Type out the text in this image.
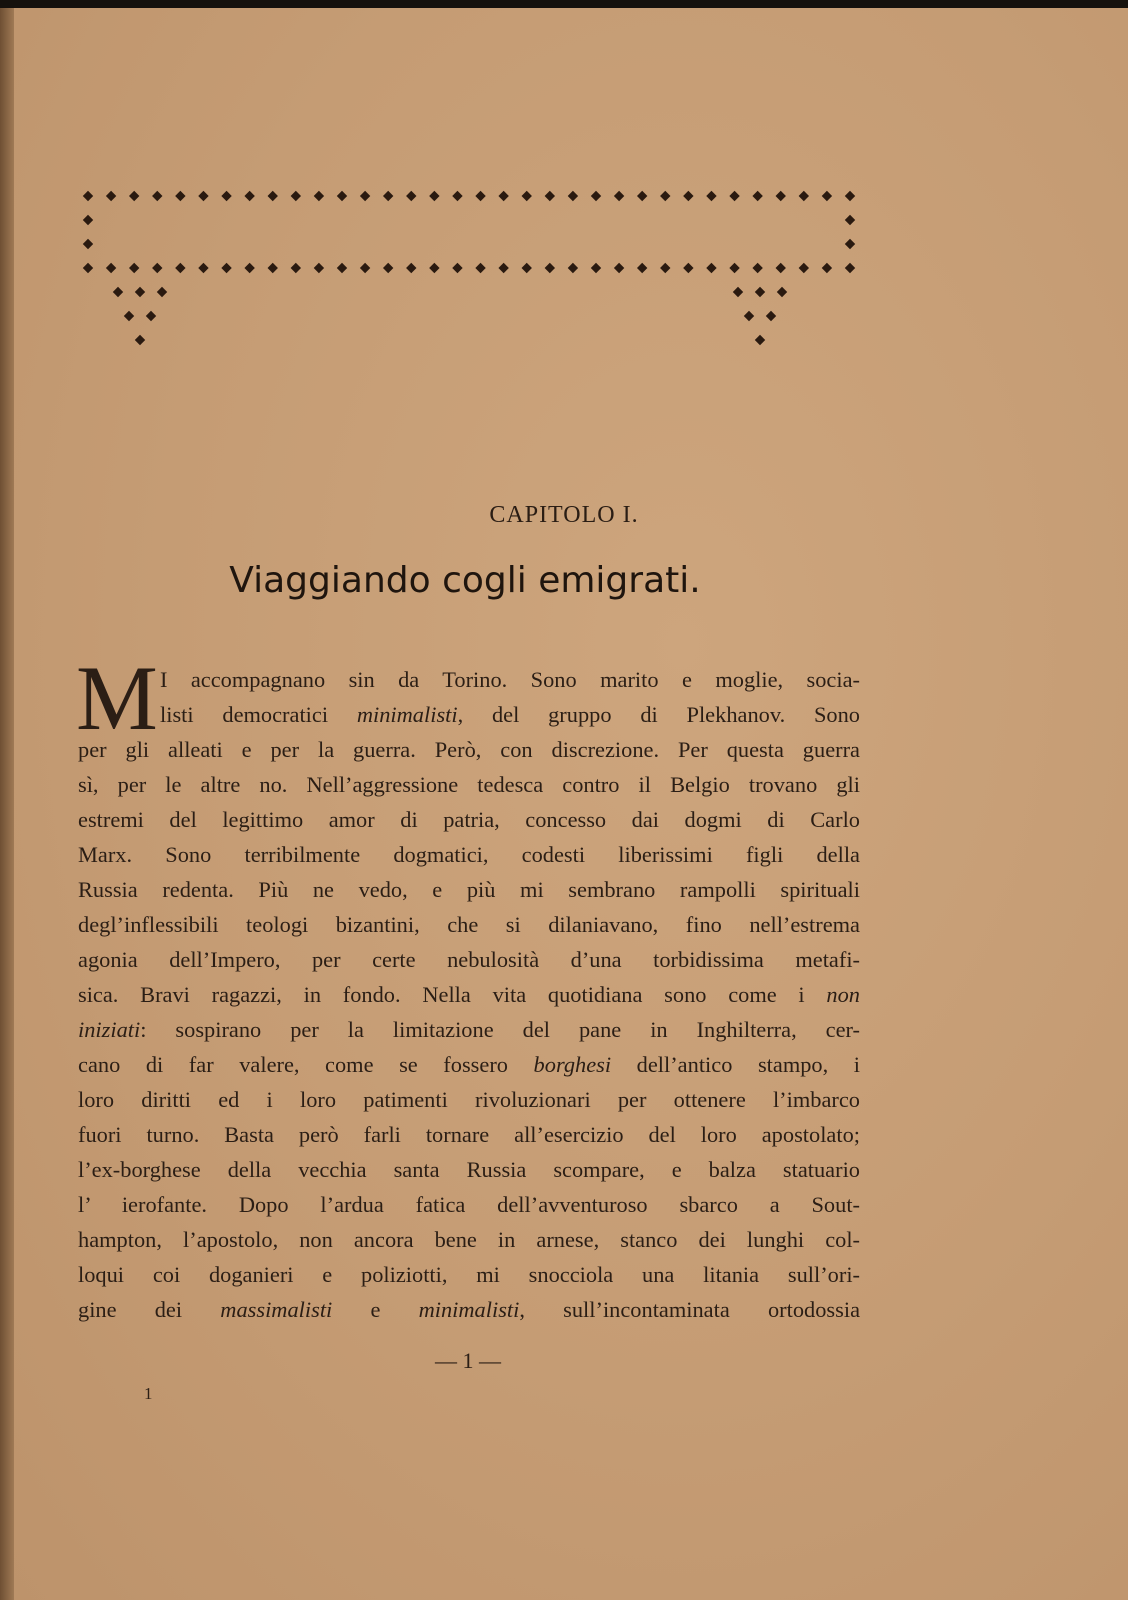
CAPITOLO I.
Viaggiando cogli emigrati.
M I accompagnano sin da Torino. Sono marito e moglie, socia-
listi democratici minimalisti, del gruppo di Plekhanov. Sono
per gli alleati e per la guerra. Però, con discrezione. Per questa guerra
sì, per le altre no. Nell’aggressione tedesca contro il Belgio trovano gli
estremi del legittimo amor di patria, concesso dai dogmi di Carlo
Marx. Sono terribilmente dogmatici, codesti liberissimi figli della
Russia redenta. Più ne vedo, e più mi sembrano rampolli spirituali
degl’inflessibili teologi bizantini, che si dilaniavano, fino nell’estrema
agonia dell’Impero, per certe nebulosità d’una torbidissima metafi-
sica. Bravi ragazzi, in fondo. Nella vita quotidiana sono come i non
iniziati: sospirano per la limitazione del pane in Inghilterra, cer-
cano di far valere, come se fossero borghesi dell’antico stampo, i
loro diritti ed i loro patimenti rivoluzionari per ottenere l’imbarco
fuori turno. Basta però farli tornare all’esercizio del loro apostolato;
l’ex-borghese della vecchia santa Russia scompare, e balza statuario
l’ ierofante. Dopo l’ardua fatica dell’avventuroso sbarco a Sout-
hampton, l’apostolo, non ancora bene in arnese, stanco dei lunghi col-
loqui coi doganieri e poliziotti, mi snocciola una litania sull’ori-
gine dei massimalisti e minimalisti, sull’incontaminata ortodossia
— 1 —
1
